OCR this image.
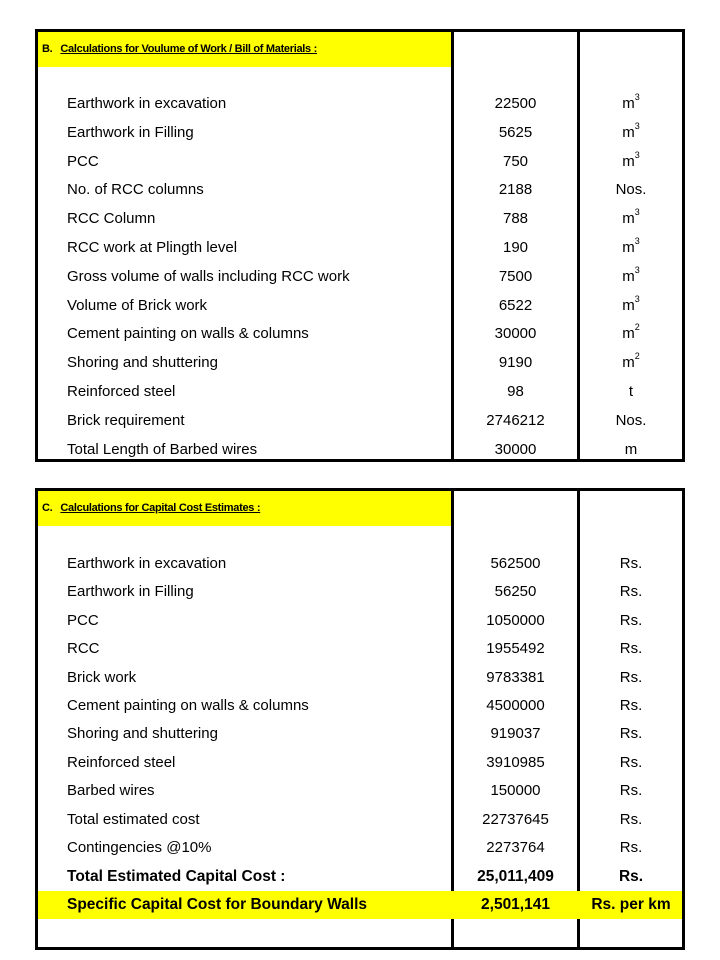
B. Calculations for Voulume of Work / Bill of Materials :
Earthwork in excavation	22500	$m^3$
Earthwork in Filling	5625	$m^3$
PCC	750	$m^3$
No. of RCC columns	2188	Nos.
RCC Column	788	$m^3$
RCC work at Plingth level	190	$m^3$
Gross volume of walls including RCC work	7500	$m^3$
Volume of Brick work	6522	$m^3$
Cement painting on walls & columns	30000	$m^2$
Shoring and shuttering	9190	$m^2$
Reinforced steel	98	t
Brick requirement	2746212	Nos.
Total Length of Barbed wires	30000	m
C. Calculations for Capital Cost Estimates :
Earthwork in excavation	562500	Rs.
Earthwork in Filling	56250	Rs.
PCC	1050000	Rs.
RCC	1955492	Rs.
Brick work	9783381	Rs.
Cement painting on walls & columns	4500000	Rs.
Shoring and shuttering	919037	Rs.
Reinforced steel	3910985	Rs.
Barbed wires	150000	Rs.
Total estimated cost	22737645	Rs.
Contingencies @10%	2273764	Rs.
Total Estimated Capital Cost :	25,011,409	Rs.
Specific Capital Cost for Boundary Walls	2,501,141	Rs. per km
